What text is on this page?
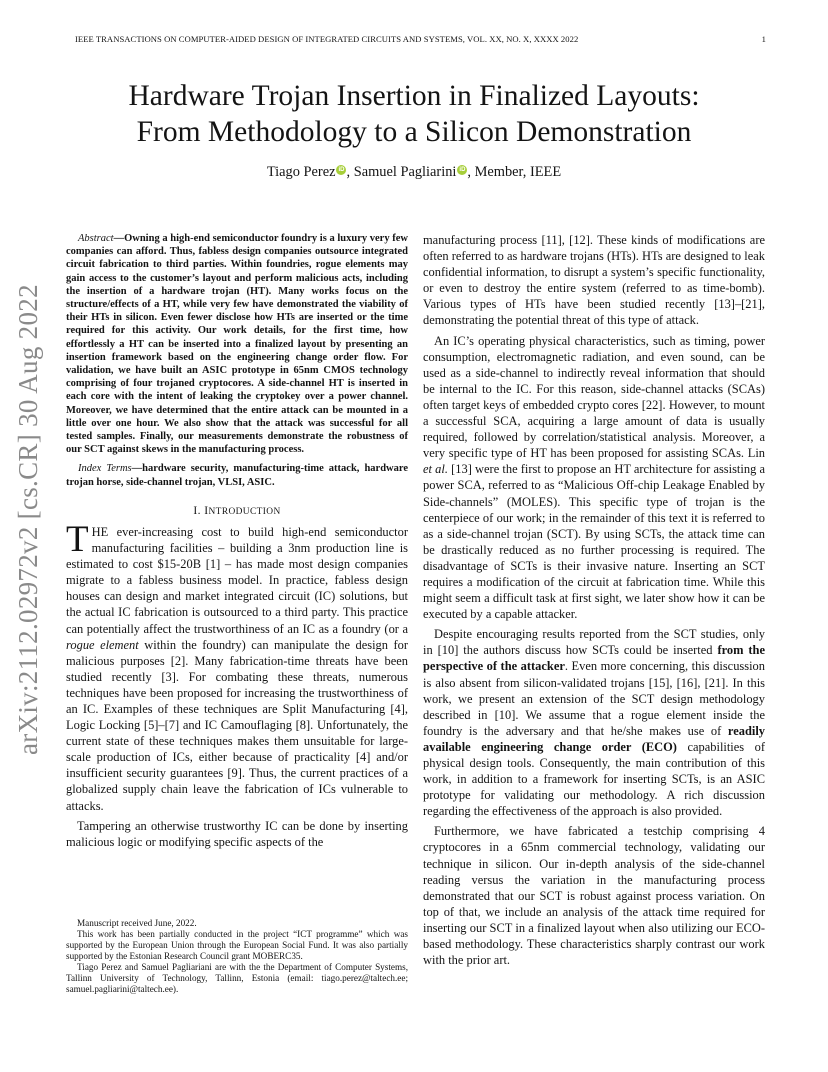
IEEE TRANSACTIONS ON COMPUTER-AIDED DESIGN OF INTEGRATED CIRCUITS AND SYSTEMS, VOL. XX, NO. X, XXXX 2022	1
arXiv:2112.02972v2 [cs.CR] 30 Aug 2022
Hardware Trojan Insertion in Finalized Layouts:
From Methodology to a Silicon Demonstration
Tiago Perez iD , Samuel Pagliarini iD , Member, IEEE

Abstract—Owning a high-end semiconductor foundry is a luxury very few companies can afford. Thus, fabless design companies outsource integrated circuit fabrication to third parties. Within foundries, rogue elements may gain access to the customer’s layout and perform malicious acts, including the insertion of a hardware trojan (HT). Many works focus on the structure/effects of a HT, while very few have demonstrated the viability of their HTs in silicon. Even fewer disclose how HTs are inserted or the time required for this activity. Our work details, for the first time, how effortlessly a HT can be inserted into a finalized layout by presenting an insertion framework based on the engineering change order flow. For validation, we have built an ASIC prototype in 65nm CMOS technology comprising of four trojaned cryptocores. A side-channel HT is inserted in each core with the intent of leaking the cryptokey over a power channel. Moreover, we have determined that the entire attack can be mounted in a little over one hour. We also show that the attack was successful for all tested samples. Finally, our measurements demonstrate the robustness of our SCT against skews in the manufacturing process.

Index Terms—hardware security, manufacturing-time attack, hardware trojan horse, side-channel trojan, VLSI, ASIC.

I. INTRODUCTION

THE ever-increasing cost to build high-end semiconductor manufacturing facilities – building a 3nm production line is estimated to cost $15-20B [1] – has made most design companies migrate to a fabless business model. In practice, fabless design houses can design and market integrated circuit (IC) solutions, but the actual IC fabrication is outsourced to a third party. This practice can potentially affect the trustworthiness of an IC as a foundry (or a rogue element within the foundry) can manipulate the design for malicious purposes [2]. Many fabrication-time threats have been studied recently [3]. For combating these threats, numerous techniques have been proposed for increasing the trustworthiness of an IC. Examples of these techniques are Split Manufacturing [4], Logic Locking [5]–[7] and IC Camouflaging [8]. Unfortunately, the current state of these techniques makes them unsuitable for large-scale production of ICs, either because of practicality [4] and/or insufficient security guarantees [9]. Thus, the current practices of a globalized supply chain leave the fabrication of ICs vulnerable to attacks.

Tampering an otherwise trustworthy IC can be done by inserting malicious logic or modifying specific aspects of the

Manuscript received June, 2022.

This work has been partially conducted in the project “ICT programme” which was supported by the European Union through the European Social Fund. It was also partially supported by the Estonian Research Council grant MOBERC35.

Tiago Perez and Samuel Pagliariani are with the the Department of Computer Systems, Tallinn University of Technology, Tallinn, Estonia (email: tiago.perez@taltech.ee; samuel.pagliarini@taltech.ee).

manufacturing process [11], [12]. These kinds of modifications are often referred to as hardware trojans (HTs). HTs are designed to leak confidential information, to disrupt a system’s specific functionality, or even to destroy the entire system (referred to as time-bomb). Various types of HTs have been studied recently [13]–[21], demonstrating the potential threat of this type of attack.

An IC’s operating physical characteristics, such as timing, power consumption, electromagnetic radiation, and even sound, can be used as a side-channel to indirectly reveal information that should be internal to the IC. For this reason, side-channel attacks (SCAs) often target keys of embedded crypto cores [22]. However, to mount a successful SCA, acquiring a large amount of data is usually required, followed by correlation/statistical analysis. Moreover, a very specific type of HT has been proposed for assisting SCAs. Lin et al. [13] were the first to propose an HT architecture for assisting a power SCA, referred to as “Malicious Off-chip Leakage Enabled by Side-channels” (MOLES). This specific type of trojan is the centerpiece of our work; in the remainder of this text it is referred to as a side-channel trojan (SCT). By using SCTs, the attack time can be drastically reduced as no further processing is required. The disadvantage of SCTs is their invasive nature. Inserting an SCT requires a modification of the circuit at fabrication time. While this might seem a difficult task at first sight, we later show how it can be executed by a capable attacker.

Despite encouraging results reported from the SCT studies, only in [10] the authors discuss how SCTs could be inserted from the perspective of the attacker. Even more concerning, this discussion is also absent from silicon-validated trojans [15], [16], [21]. In this work, we present an extension of the SCT design methodology described in [10]. We assume that a rogue element inside the foundry is the adversary and that he/she makes use of readily available engineering change order (ECO) capabilities of physical design tools. Consequently, the main contribution of this work, in addition to a framework for inserting SCTs, is an ASIC prototype for validating our methodology. A rich discussion regarding the effectiveness of the approach is also provided.

Furthermore, we have fabricated a testchip comprising 4 cryptocores in a 65nm commercial technology, validating our technique in silicon. Our in-depth analysis of the side-channel reading versus the variation in the manufacturing process demonstrated that our SCT is robust against process variation. On top of that, we include an analysis of the attack time required for inserting our SCT in a finalized layout when also utilizing our ECO-based methodology. These characteristics sharply contrast our work with the prior art.
